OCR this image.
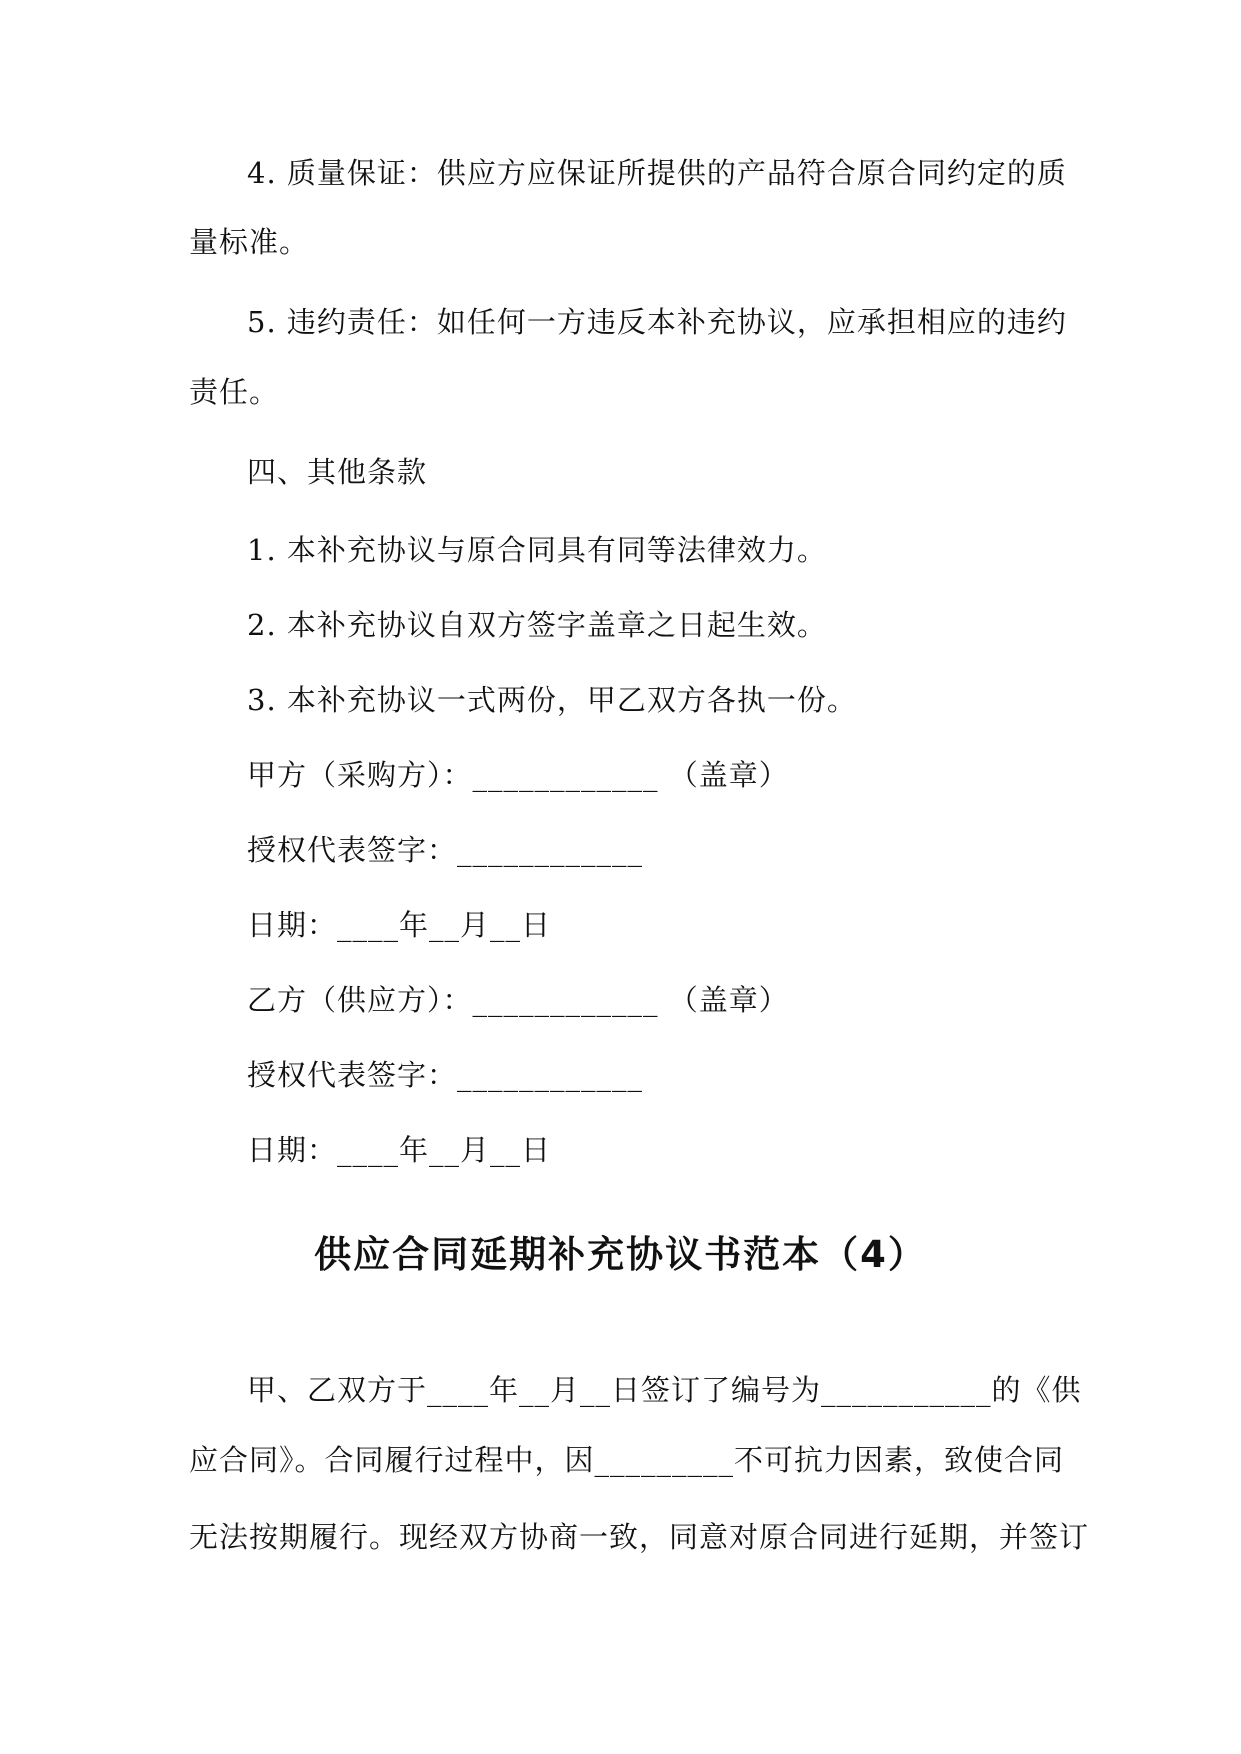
4. 质量保证：供应方应保证所提供的产品符合原合同约定的质
量标准。
5. 违约责任：如任何一方违反本补充协议，应承担相应的违约
责任。
四、其他条款
1. 本补充协议与原合同具有同等法律效力。
2. 本补充协议自双方签字盖章之日起生效。
3. 本补充协议一式两份，甲乙双方各执一份。
甲方（采购方）：____________ （盖章）
授权代表签字：____________
日期：____年__月__日
乙方（供应方）：____________ （盖章）
授权代表签字：____________
日期：____年__月__日
供应合同延期补充协议书范本（4）
甲、乙双方于____年__月__日签订了编号为___________的《供
应合同》。合同履行过程中，因_________不可抗力因素，致使合同
无法按期履行。现经双方协商一致，同意对原合同进行延期，并签订
